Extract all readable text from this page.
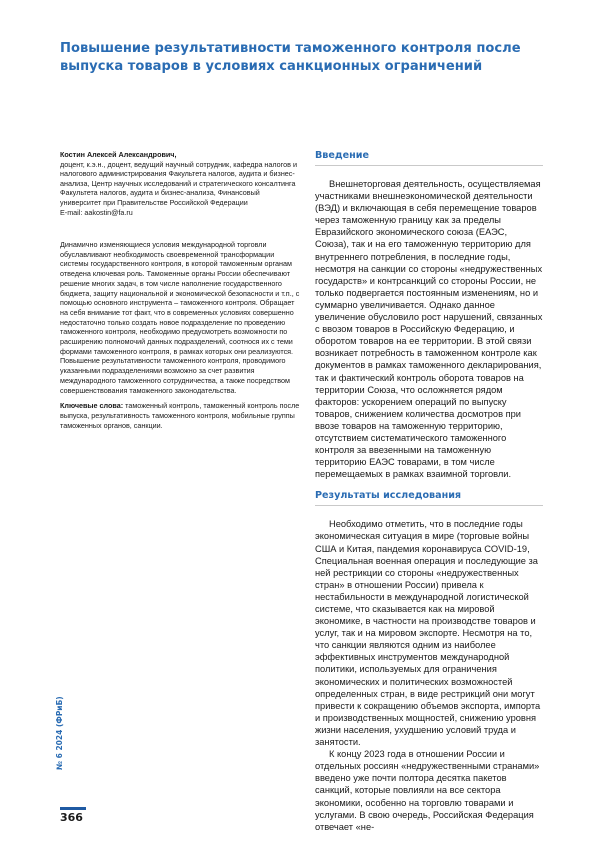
Повышение результативности таможенного контроля после выпуска товаров в условиях санкционных ограничений

Костин Алексей Александрович,

доцент, к.э.н., доцент, ведущий научный сотрудник, кафедра налогов и налогового администрирования Факультета налогов, аудита и бизнес-анализа, Центр научных исследований и стратегического консалтинга Факультета налогов, аудита и бизнес-анализа, Финансовый университет при Правительстве Российской Федерации

E-mail: aakostin@fa.ru

Динамично изменяющиеся условия международной торговли обуславливают необходимость своевременной трансформации системы государственного контроля, в которой таможенным органам отведена ключевая роль. Таможенные органы России обеспечивают решение многих задач, в том числе наполнение государственного бюджета, защиту национальной и экономической безопасности и т.п., с помощью основного инструмента – таможенного контроля. Обращает на себя внимание тот факт, что в современных условиях совершенно недостаточно только создать новое подразделение по проведению таможенного контроля, необходимо предусмотреть возможности по расширению полномочий данных подразделений, соотнося их с теми формами таможенного контроля, в рамках которых они реализуются. Повышение результативности таможенного контроля, проводимого указанными подразделениями возможно за счет развития международного таможенного сотрудничества, а также посредством совершенствования таможенного законодательства.

Ключевые слова: таможенный контроль, таможенный контроль после выпуска, результативность таможенного контроля, мобильные группы таможенных органов, санкции.

Введение

Внешнеторговая деятельность, осуществляемая участниками внешнеэкономической деятельности (ВЭД) и включающая в себя перемещение товаров через таможенную границу как за пределы Евразийского экономического союза (ЕАЭС, Союза), так и на его таможенную территорию для внутреннего потребления, в последние годы, несмотря на санкции со стороны «недружественных государств» и контрсанкций со стороны России, не только подвергается постоянным изменениям, но и суммарно увеличивается. Однако данное увеличение обусловило рост нарушений, связанных с ввозом товаров в Российскую Федерацию, и оборотом товаров на ее территории. В этой связи возникает потребность в таможенном контроле как документов в рамках таможенного декларирования, так и фактический контроль оборота товаров на территории Союза, что осложняется рядом факторов: ускорением операций по выпуску товаров, снижением количества досмотров при ввозе товаров на таможенную территорию, отсутствием систематического таможенного контроля за ввезенными на таможенную территорию ЕАЭС товарами, в том числе перемещаемых в рамках взаимной торговли.

Результаты исследования

Необходимо отметить, что в последние годы экономическая ситуация в мире (торговые войны США и Китая, пандемия коронавируса COVID-19, Специальная военная операция и последующие за ней рестрикции со стороны «недружественных стран» в отношении России) привела к нестабильности в международной логистической системе, что сказывается как на мировой экономике, в частности на производстве товаров и услуг, так и на мировом экспорте. Несмотря на то, что санкции являются одним из наиболее эффективных инструментов международной политики, используемых для ограничения экономических и политических возможностей определенных стран, в виде рестрикций они могут привести к сокращению объемов экспорта, импорта и производственных мощностей, снижению уровня жизни населения, ухудшению условий труда и занятости.

К концу 2023 года в отношении России и отдельных россиян «недружественными странами» введено уже почти полтора десятка пакетов санкций, которые повлияли на все сектора экономики, особенно на торговлю товарами и услугами. В свою очередь, Российская Федерация отвечает «не-

№ 6 2024 (ФРиБ)
366
